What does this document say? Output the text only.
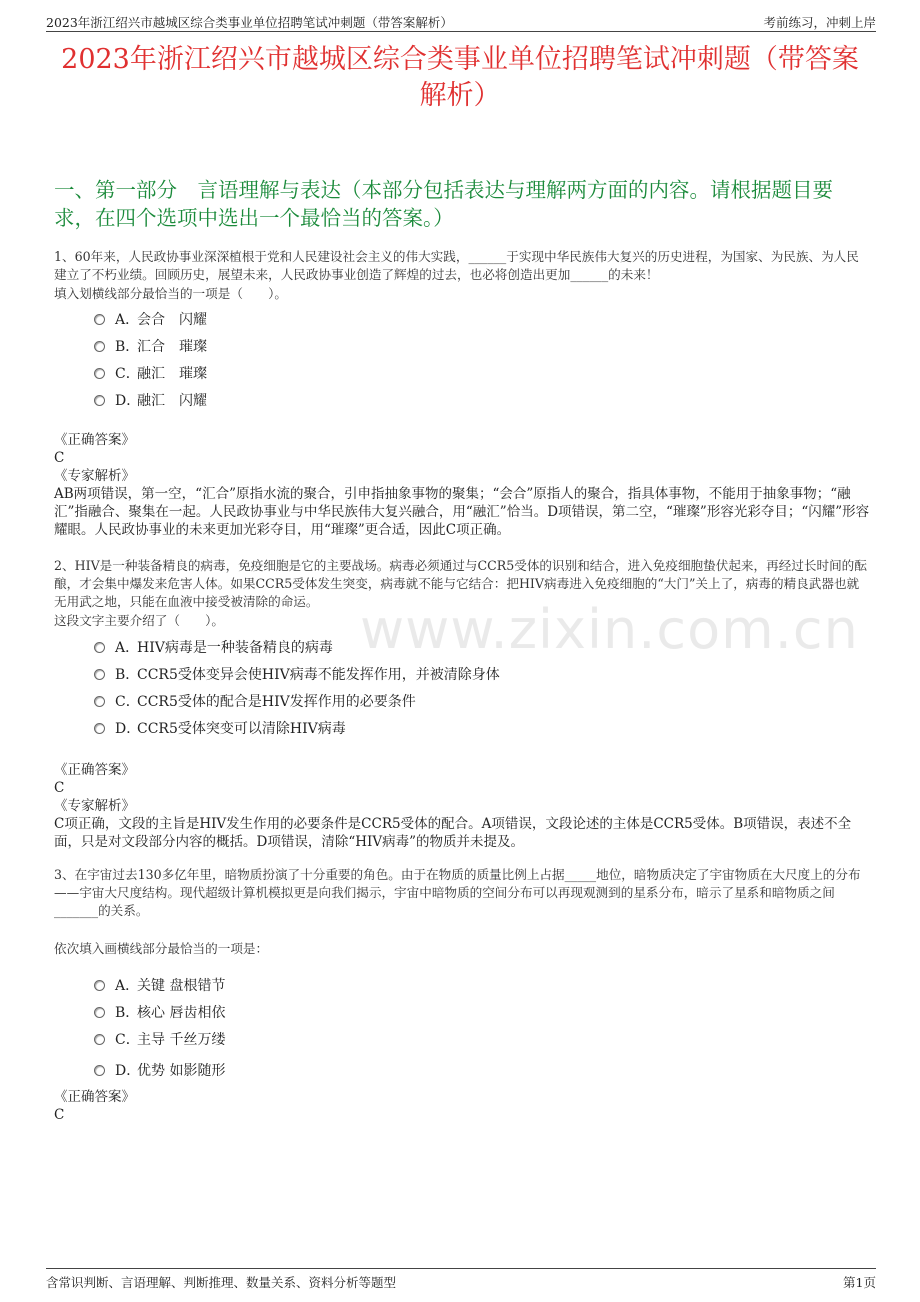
2023年浙江绍兴市越城区综合类事业单位招聘笔试冲刺题（带答案解析）	考前练习，冲刺上岸
2023年浙江绍兴市越城区综合类事业单位招聘笔试冲刺题（带答案解析）
一、第一部分　言语理解与表达（本部分包括表达与理解两方面的内容。请根据题目要求，在四个选项中选出一个最恰当的答案。）
www.zixin.com.cn

1、60年来，人民政协事业深深植根于党和人民建设社会主义的伟大实践，______于实现中华民族伟大复兴的历史进程，为国家、为民族、为人民建立了不朽业绩。回顾历史，展望未来，人民政协事业创造了辉煌的过去，也必将创造出更加______的未来！

填入划横线部分最恰当的一项是（　　）。

A．会合　闪耀
B．汇合　璀璨
C．融汇　璀璨
D．融汇　闪耀
《正确答案》
C
《专家解析》
AB两项错误，第一空，“汇合”原指水流的聚合，引申指抽象事物的聚集；“会合”原指人的聚合，指具体事物，不能用于抽象事物；“融汇”指融合、聚集在一起。人民政协事业与中华民族伟大复兴融合，用“融汇”恰当。D项错误，第二空，“璀璨”形容光彩夺目；“闪耀”形容耀眼。人民政协事业的未来更加光彩夺目，用“璀璨”更合适，因此C项正确。

2、HIV是一种装备精良的病毒，免疫细胞是它的主要战场。病毒必须通过与CCR5受体的识别和结合，进入免疫细胞蛰伏起来，再经过长时间的酝酿，才会集中爆发来危害人体。如果CCR5受体发生突变，病毒就不能与它结合：把HIV病毒进入免疫细胞的“大门”关上了，病毒的精良武器也就无用武之地，只能在血液中接受被清除的命运。

这段文字主要介绍了（　　）。

A．HIV病毒是一种装备精良的病毒
B．CCR5受体变异会使HIV病毒不能发挥作用，并被清除身体
C．CCR5受体的配合是HIV发挥作用的必要条件
D．CCR5受体突变可以清除HIV病毒
《正确答案》
C
《专家解析》
C项正确，文段的主旨是HIV发生作用的必要条件是CCR5受体的配合。A项错误，文段论述的主体是CCR5受体。B项错误，表述不全面，只是对文段部分内容的概括。D项错误，清除“HIV病毒”的物质并未提及。

3、在宇宙过去130多亿年里，暗物质扮演了十分重要的角色。由于在物质的质量比例上占据_____地位，暗物质决定了宇宙物质在大尺度上的分布——宇宙大尺度结构。现代超级计算机模拟更是向我们揭示，宇宙中暗物质的空间分布可以再现观测到的星系分布，暗示了星系和暗物质之间_______的关系。

依次填入画横线部分最恰当的一项是：

A．关键 盘根错节
B．核心 唇齿相依
C．主导 千丝万缕
D．优势 如影随形
《正确答案》
C
含常识判断、言语理解、判断推理、数量关系、资料分析等题型	第1页
